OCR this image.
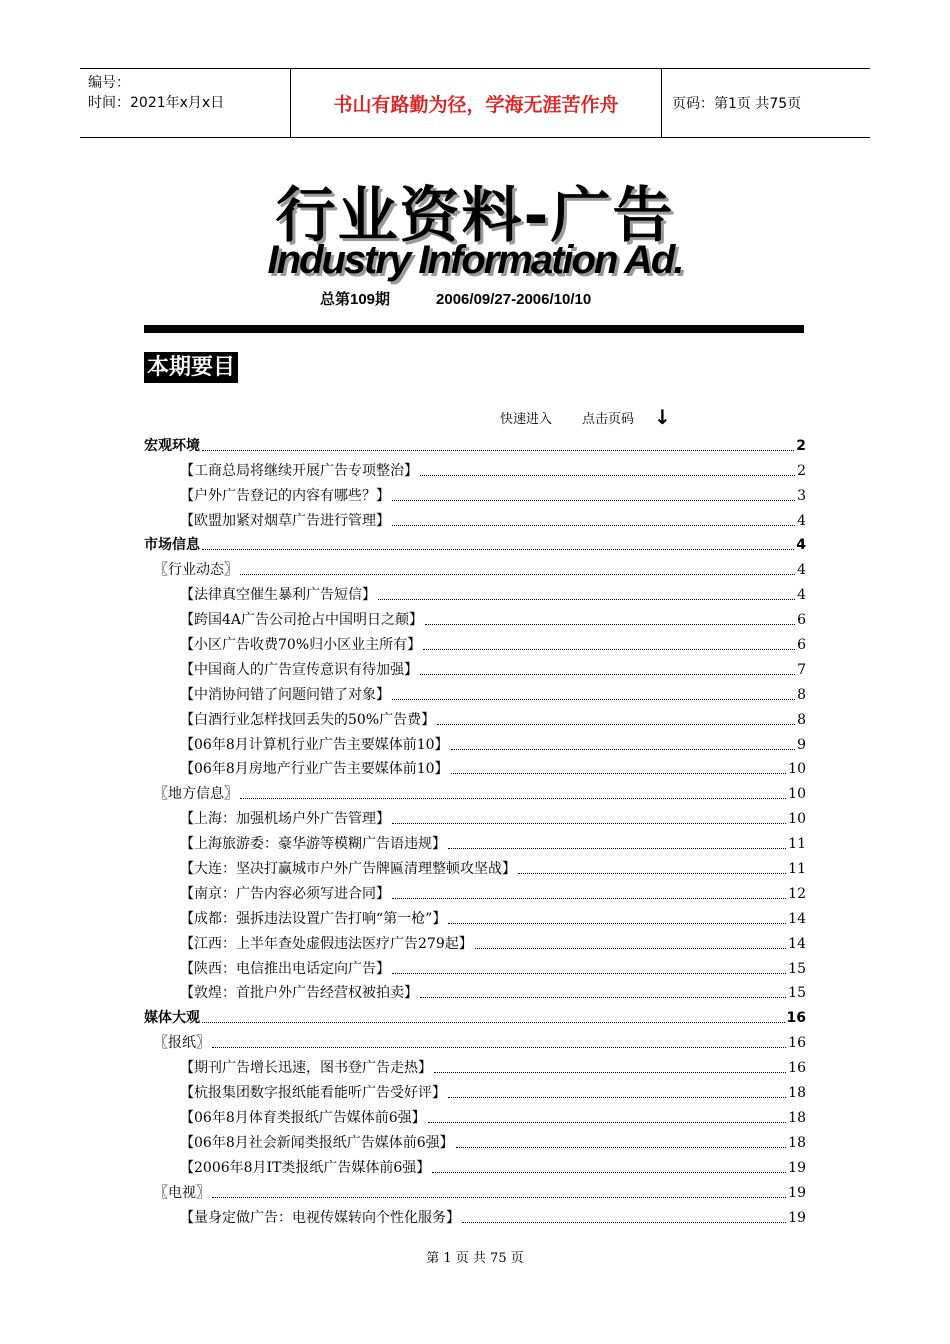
编号：
时间：2021年x月x日	书山有路勤为径，学海无涯苦作舟	页码：第1页 共75页
行业资料-广告
Industry Information Ad.
总第109期	2006/09/27-2006/10/10
本期要目
快速进入 点击页码 ↓
宏观环境	2
【工商总局将继续开展广告专项整治】	2
【户外广告登记的内容有哪些？】	3
【欧盟加紧对烟草广告进行管理】	4
市场信息	4
〖行业动态〗	4
【法律真空催生暴利广告短信】	4
【跨国4A广告公司抢占中国明日之颠】	6
【小区广告收费70%归小区业主所有】	6
【中国商人的广告宣传意识有待加强】	7
【中消协问错了问题问错了对象】	8
【白酒行业怎样找回丢失的50%广告费】	8
【06年8月计算机行业广告主要媒体前10】	9
【06年8月房地产行业广告主要媒体前10】	10
〖地方信息〗	10
【上海：加强机场户外广告管理】	10
【上海旅游委：豪华游等模糊广告语违规】	11
【大连：坚决打赢城市户外广告牌匾清理整顿攻坚战】	11
【南京：广告内容必须写进合同】	12
【成都：强拆违法设置广告打响“第一枪”】	14
【江西：上半年查处虚假违法医疗广告279起】	14
【陕西：电信推出电话定向广告】	15
【敦煌：首批户外广告经营权被拍卖】	15
媒体大观	16
〖报纸〗	16
【期刊广告增长迅速，图书登广告走热】	16
【杭报集团数字报纸能看能听广告受好评】	18
【06年8月体育类报纸广告媒体前6强】	18
【06年8月社会新闻类报纸广告媒体前6强】	18
【2006年8月IT类报纸广告媒体前6强】	19
〖电视〗	19
【量身定做广告：电视传媒转向个性化服务】	19
第 1 页 共 75 页
